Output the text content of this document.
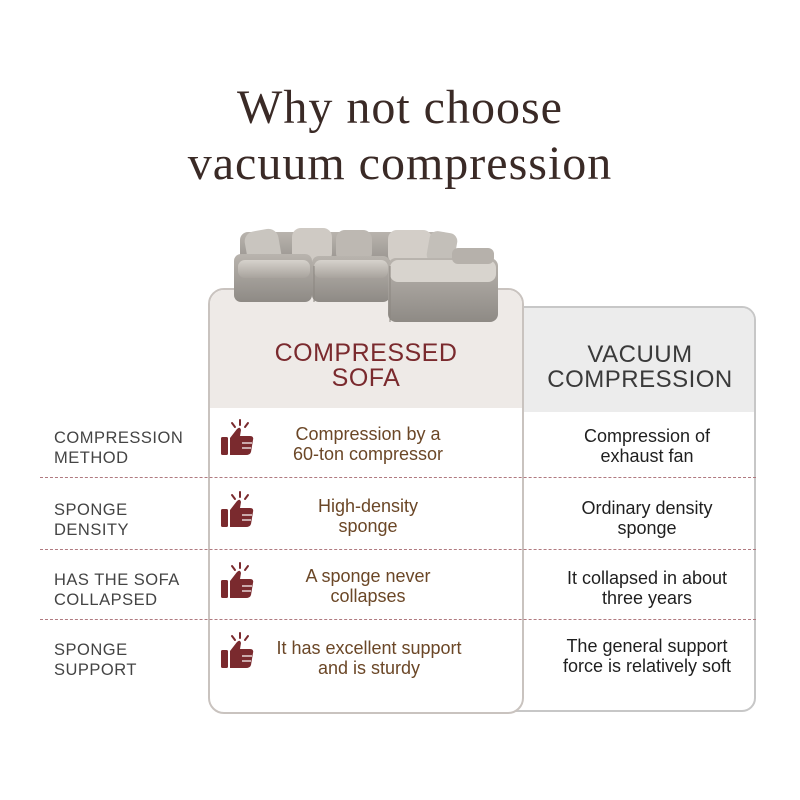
Why not choose
vacuum compression
COMPRESSED
SOFA
VACUUM
COMPRESSION
COMPRESSION
METHOD
Compression by a
60-ton compressor
Compression of
exhaust fan
SPONGE
DENSITY
High-density
sponge
Ordinary density
sponge
HAS THE SOFA
COLLAPSED
A sponge never
collapses
It collapsed in about
three years
SPONGE
SUPPORT
It has excellent support
and is sturdy
The general support
force is relatively soft
